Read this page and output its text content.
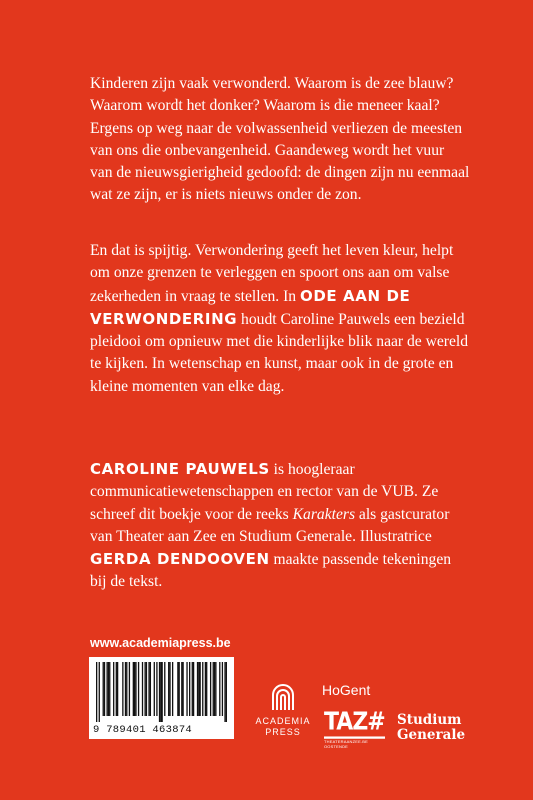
Kinderen zijn vaak verwonderd. Waarom is de zee blauw? Waarom wordt het donker? Waarom is die meneer kaal? Ergens op weg naar de volwassenheid verliezen de meesten van ons die onbevangenheid. Gaandeweg wordt het vuur van de nieuwsgierigheid gedoofd: de dingen zijn nu eenmaal wat ze zijn, er is niets nieuws onder de zon.

En dat is spijtig. Verwondering geeft het leven kleur, helpt om onze grenzen te verleggen en spoort ons aan om valse zekerheden in vraag te stellen. In ODE AAN DE VERWONDERING houdt Caroline Pauwels een bezield pleidooi om opnieuw met die kinderlijke blik naar de wereld te kijken. In wetenschap en kunst, maar ook in de grote en kleine momenten van elke dag.

CAROLINE PAUWELS is hoogleraar communicatiewetenschappen en rector van de VUB. Ze schreef dit boekje voor de reeks Karakters als gastcurator van Theater aan Zee en Studium Generale. Illustratrice GERDA DENDOOVEN maakte passende tekeningen bij de tekst.

www.academiapress.be
9 789401 463874
ACADEMIA
PRESS
HoGent
TAZ#
THEATERAANZEE.BE OOSTENDE
Studium
Generale
